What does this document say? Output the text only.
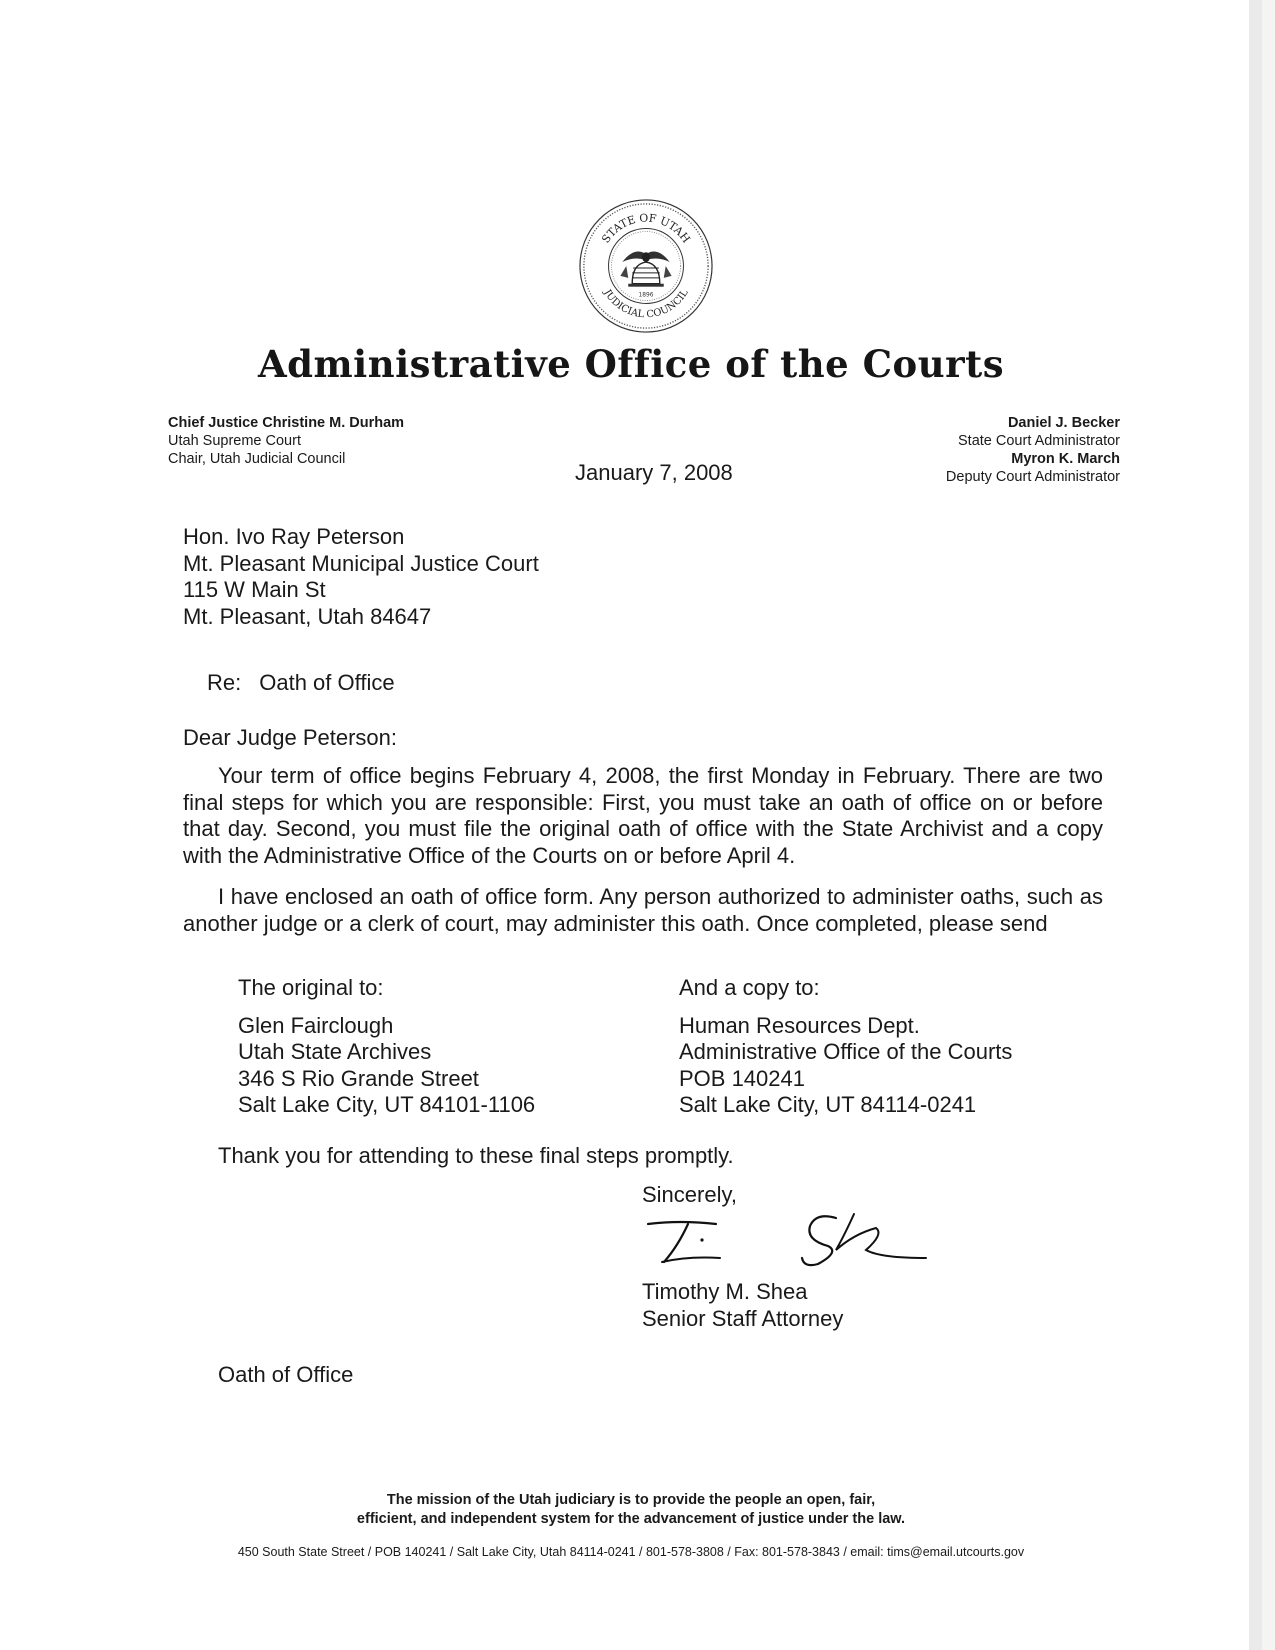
STATE OF UTAH
JUDICIAL COUNCIL
1896
Administrative Office of the Courts
Chief Justice Christine M. Durham
Utah Supreme Court
Chair, Utah Judicial Council
Daniel J. Becker
State Court Administrator
Myron K. March
Deputy Court Administrator
January 7, 2008
Hon. Ivo Ray Peterson
Mt. Pleasant Municipal Justice Court
115 W Main St
Mt. Pleasant, Utah 84647
Re: Oath of Office
Dear Judge Peterson:
Your term of office begins February 4, 2008, the first Monday in February. There are two final steps for which you are responsible: First, you must take an oath of office on or before that day. Second, you must file the original oath of office with the State Archivist and a copy with the Administrative Office of the Courts on or before April 4.
I have enclosed an oath of office form. Any person authorized to administer oaths, such as another judge or a clerk of court, may administer this oath. Once completed, please send
The original to:
Glen Fairclough
Utah State Archives
346 S Rio Grande Street
Salt Lake City, UT 84101-1106
And a copy to:
Human Resources Dept.
Administrative Office of the Courts
POB 140241
Salt Lake City, UT 84114-0241
Thank you for attending to these final steps promptly.
Sincerely,
Timothy M. Shea
Senior Staff Attorney
Oath of Office
The mission of the Utah judiciary is to provide the people an open, fair,
efficient, and independent system for the advancement of justice under the law.
450 South State Street / POB 140241 / Salt Lake City, Utah 84114-0241 / 801-578-3808 / Fax: 801-578-3843 / email: tims@email.utcourts.gov
